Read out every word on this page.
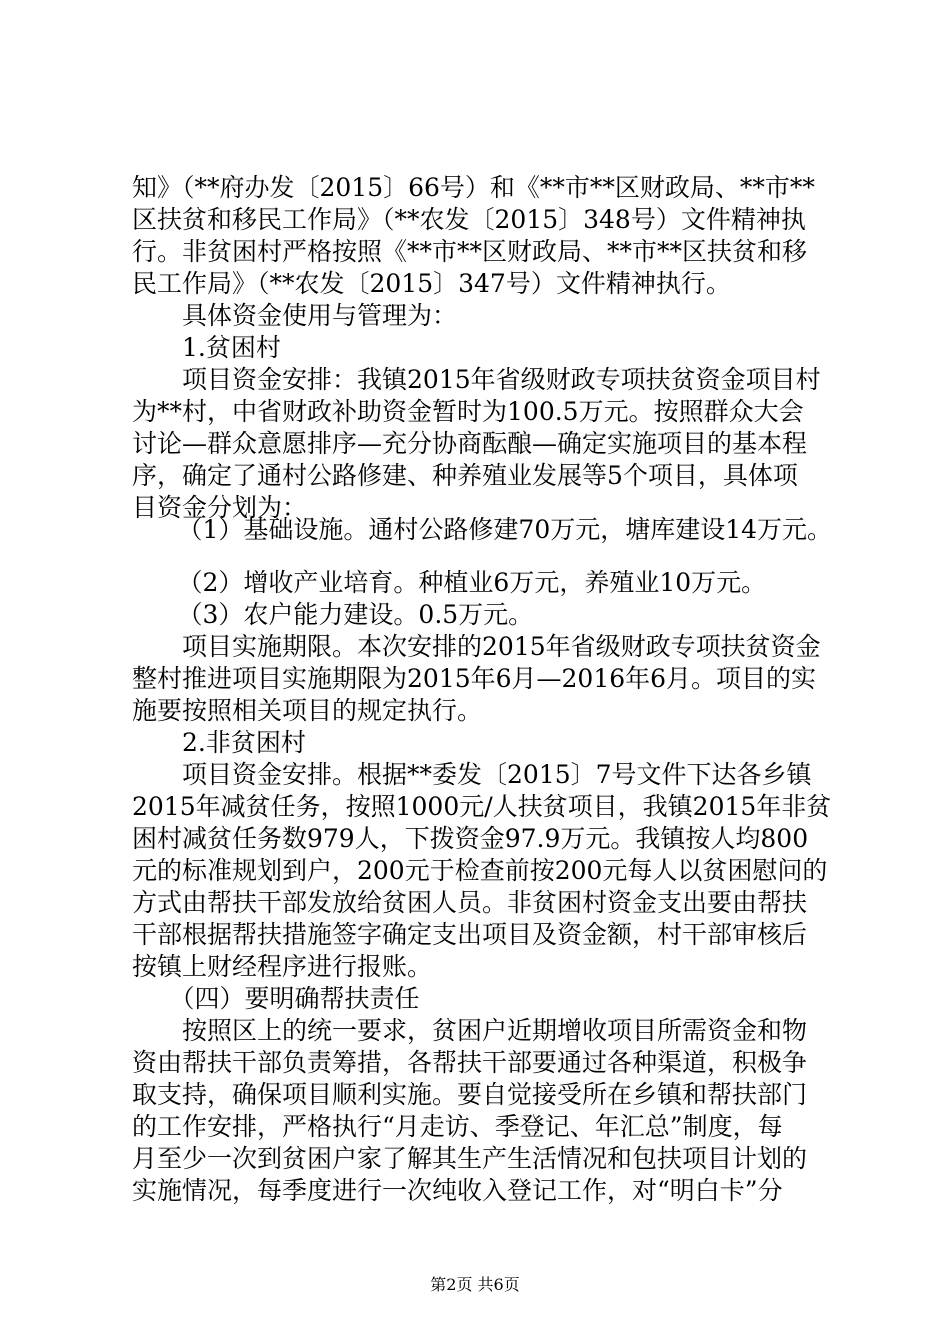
知》（**府办发〔2015〕66号）和《**市**区财政局、**市**
区扶贫和移民工作局》（**农发〔2015〕348号）文件精神执
行。非贫困村严格按照《**市**区财政局、**市**区扶贫和移
民工作局》（**农发〔2015〕347号）文件精神执行。
　　具体资金使用与管理为：
　　1.贫困村
　　项目资金安排：我镇2015年省级财政专项扶贫资金项目村
为**村，中省财政补助资金暂时为100.5万元。按照群众大会
讨论—群众意愿排序—充分协商酝酿—确定实施项目的基本程
序，确定了通村公路修建、种养殖业发展等5个项目，具体项
目资金分划为：
　　（1）基础设施。通村公路修建70万元，塘库建设14万元。
　　（2）增收产业培育。种植业6万元，养殖业10万元。
　　（3）农户能力建设。0.5万元。
　　项目实施期限。本次安排的2015年省级财政专项扶贫资金
整村推进项目实施期限为2015年6月—2016年6月。项目的实
施要按照相关项目的规定执行。
　　2.非贫困村
　　项目资金安排。根据**委发〔2015〕7号文件下达各乡镇
2015年减贫任务，按照1000元/人扶贫项目，我镇2015年非贫
困村减贫任务数979人，下拨资金97.9万元。我镇按人均800
元的标准规划到户，200元于检查前按200元每人以贫困慰问的
方式由帮扶干部发放给贫困人员。非贫困村资金支出要由帮扶
干部根据帮扶措施签字确定支出项目及资金额，村干部审核后
按镇上财经程序进行报账。
　　（四）要明确帮扶责任
　　按照区上的统一要求，贫困户近期增收项目所需资金和物
资由帮扶干部负责筹措，各帮扶干部要通过各种渠道，积极争
取支持，确保项目顺利实施。要自觉接受所在乡镇和帮扶部门
的工作安排，严格执行“月走访、季登记、年汇总”制度，每
月至少一次到贫困户家了解其生产生活情况和包扶项目计划的
实施情况，每季度进行一次纯收入登记工作，对“明白卡”分
第2页 共6页
